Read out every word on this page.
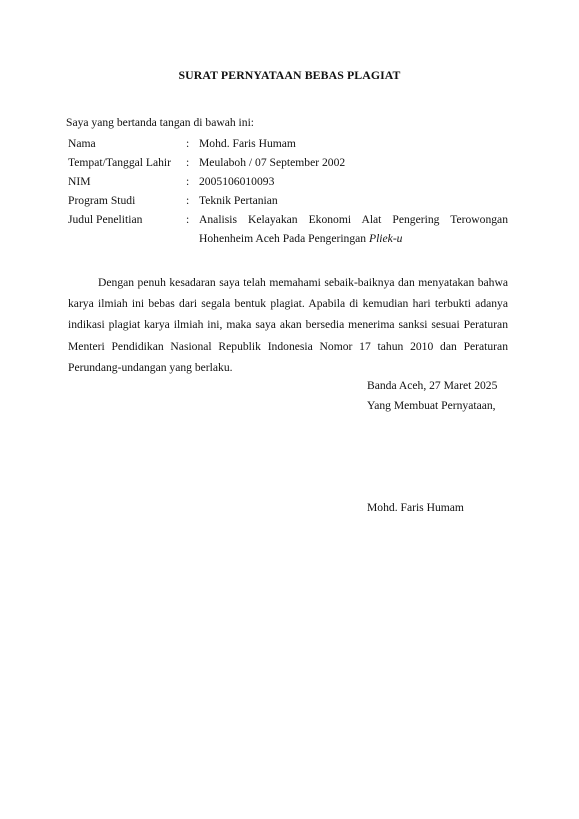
SURAT PERNYATAAN BEBAS PLAGIAT
Saya yang bertanda tangan di bawah ini:
Nama	: Mohd. Faris Humam
Tempat/Tanggal Lahir	: Meulaboh / 07 September 2002
NIM	: 2005106010093
Program Studi	: Teknik Pertanian
Judul Penelitian	: Analisis Kelayakan Ekonomi Alat Pengering Terowongan
Hohenheim Aceh Pada Pengeringan Pliek-u
Dengan penuh kesadaran saya telah memahami sebaik-baiknya dan menyatakan bahwa karya ilmiah ini bebas dari segala bentuk plagiat. Apabila di kemudian hari terbukti adanya indikasi plagiat karya ilmiah ini, maka saya akan bersedia menerima sanksi sesuai Peraturan Menteri Pendidikan Nasional Republik Indonesia Nomor 17 tahun 2010 dan Peraturan Perundang-undangan yang berlaku.
Banda Aceh, 27 Maret 2025
Yang Membuat Pernyataan,
Mohd. Faris Humam
